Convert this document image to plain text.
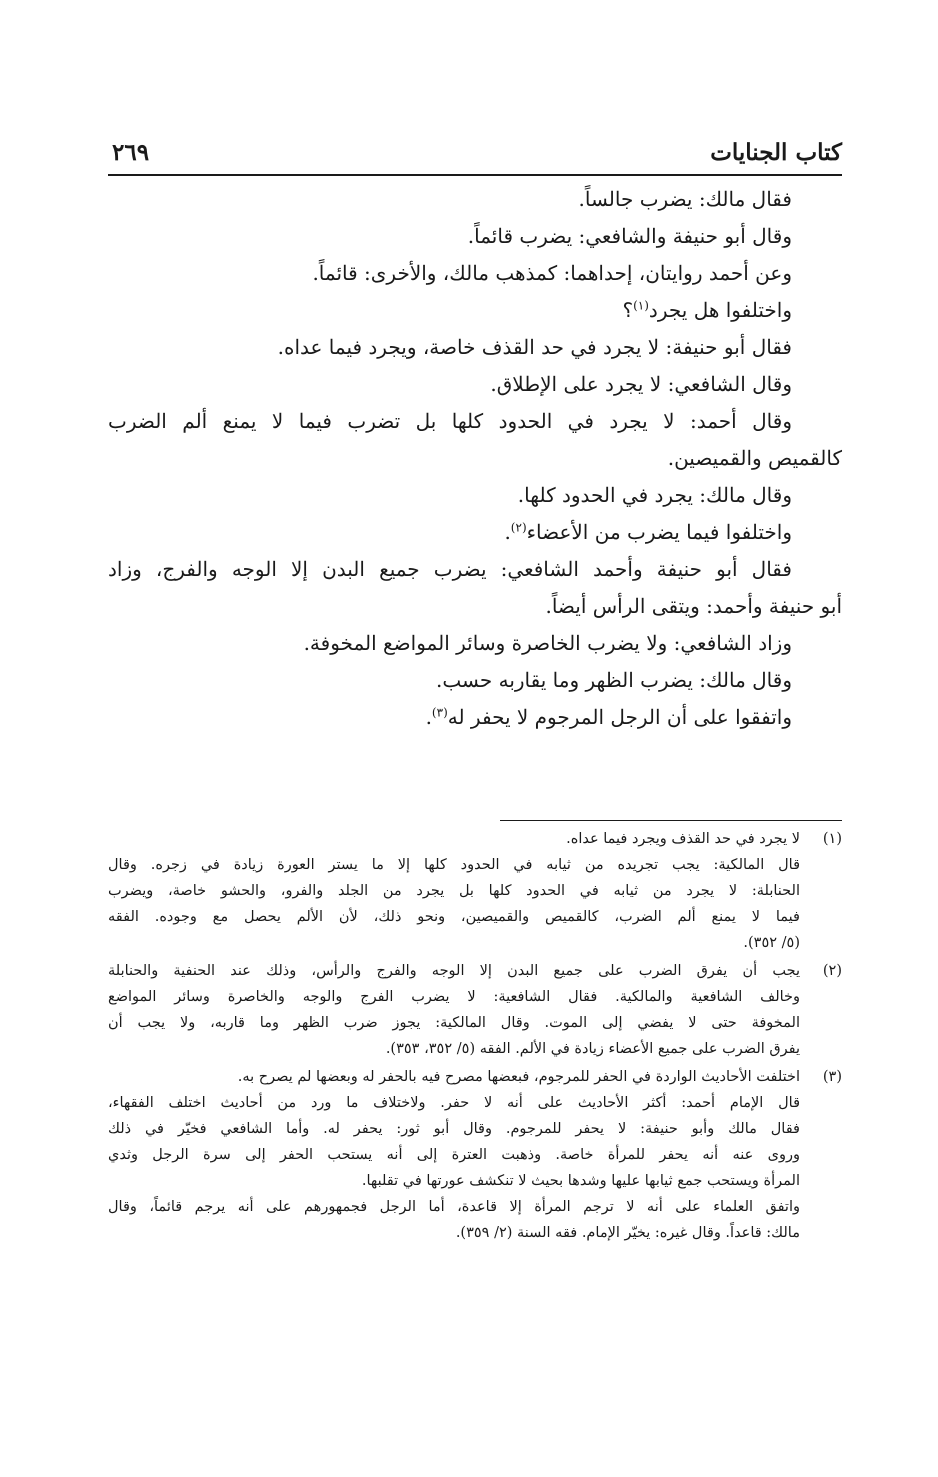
كتاب الجنايات
٢٦٩

فقال مالك: يضرب جالساً.

وقال أبو حنيفة والشافعي: يضرب قائماً.

وعن أحمد روايتان، إحداهما: كمذهب مالك، والأخرى: قائماً.

واختلفوا هل يجرد$^{(١)}$؟

فقال أبو حنيفة: لا يجرد في حد القذف خاصة، ويجرد فيما عداه.

وقال الشافعي: لا يجرد على الإطلاق.

وقال أحمد: لا يجرد في الحدود كلها بل تضرب فيما لا يمنع ألم الضرب

كالقميص والقميصين.

وقال مالك: يجرد في الحدود كلها.

واختلفوا فيما يضرب من الأعضاء$^{(٢)}$.

فقال أبو حنيفة وأحمد الشافعي: يضرب جميع البدن إلا الوجه والفرج، وزاد

أبو حنيفة وأحمد: ويتقى الرأس أيضاً.

وزاد الشافعي: ولا يضرب الخاصرة وسائر المواضع المخوفة.

وقال مالك: يضرب الظهر وما يقاربه حسب.

واتفقوا على أن الرجل المرجوم لا يحفر له$^{(٣)}$.

(١)

لا يجرد في حد القذف ويجرد فيما عداه.

قال المالكية: يجب تجريده من ثيابه في الحدود كلها إلا ما يستر العورة زيادة في زجره. وقال

الحنابلة: لا يجرد من ثيابه في الحدود كلها بل يجرد من الجلد والفرو، والحشو خاصة، ويضرب

فيما لا يمنع ألم الضرب، كالقميص والقميصين، ونحو ذلك، لأن الألم يحصل مع وجوده. الفقه

(٥/ ٣٥٢).

(٢)

يجب أن يفرق الضرب على جميع البدن إلا الوجه والفرج والرأس، وذلك عند الحنفية والحنابلة

وخالف الشافعية والمالكية. فقال الشافعية: لا يضرب الفرج والوجه والخاصرة وسائر المواضع

المخوفة حتى لا يفضي إلى الموت. وقال المالكية: يجوز ضرب الظهر وما قاربه، ولا يجب أن

يفرق الضرب على جميع الأعضاء زيادة في الألم. الفقه (٥/ ٣٥٢، ٣٥٣).

(٣)

اختلفت الأحاديث الواردة في الحفر للمرجوم، فبعضها مصرح فيه بالحفر له وبعضها لم يصرح به.

قال الإمام أحمد: أكثر الأحاديث على أنه لا حفر. ولاختلاف ما ورد من أحاديث اختلف الفقهاء،

فقال مالك وأبو حنيفة: لا يحفر للمرجوم. وقال أبو ثور: يحفر له. وأما الشافعي فخيّر في ذلك

وروى عنه أنه يحفر للمرأة خاصة. وذهبت العترة إلى أنه يستحب الحفر إلى سرة الرجل وثدي

المرأة ويستحب جمع ثيابها عليها وشدها بحيث لا تنكشف عورتها في تقلبها.

واتفق العلماء على أنه لا ترجم المرأة إلا قاعدة، أما الرجل فجمهورهم على أنه يرجم قائماً، وقال

مالك: قاعداً. وقال غيره: يخيّر الإمام. فقه السنة (٢/ ٣٥٩).
